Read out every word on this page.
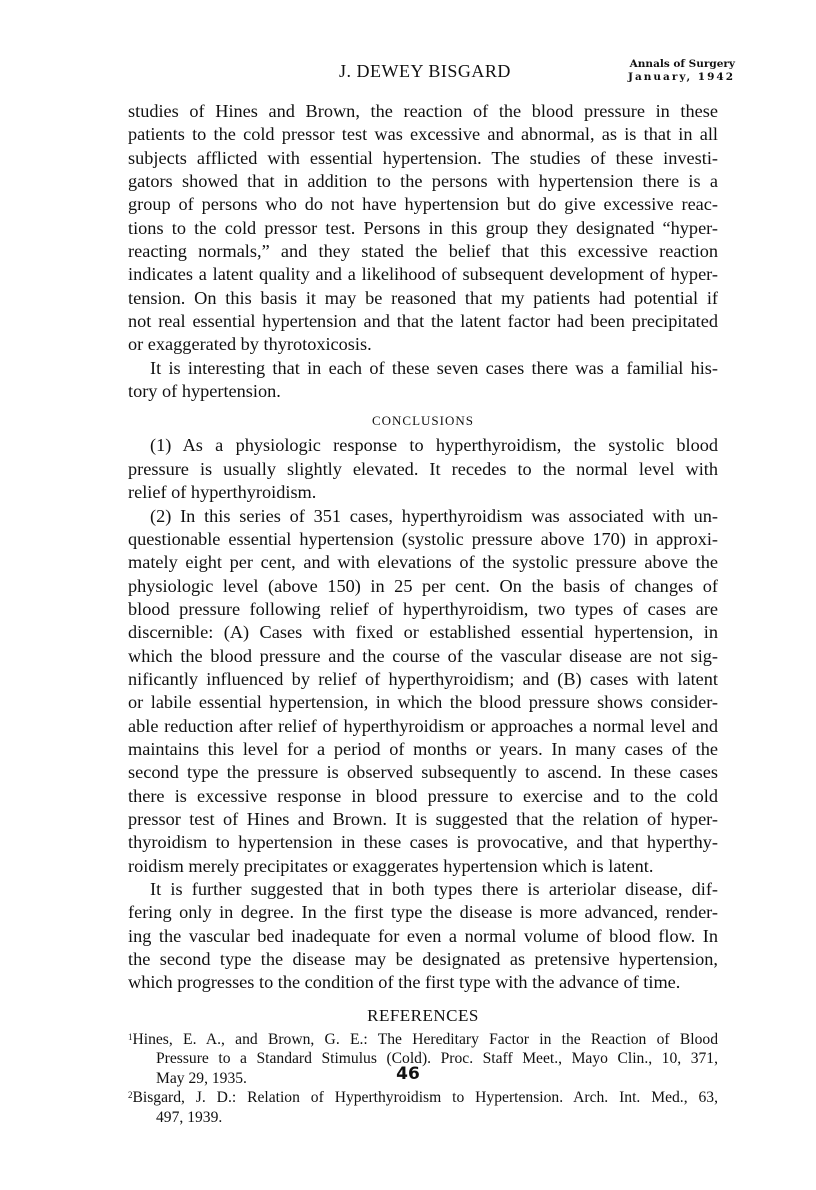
J. DEWEY BISGARD	Annals of Surgery
January, 1942
studies of Hines and Brown, the reaction of the blood pressure in these
patients to the cold pressor test was excessive and abnormal, as is that in all
subjects afflicted with essential hypertension. The studies of these investi-
gators showed that in addition to the persons with hypertension there is a
group of persons who do not have hypertension but do give excessive reac-
tions to the cold pressor test. Persons in this group they designated “hyper-
reacting normals,” and they stated the belief that this excessive reaction
indicates a latent quality and a likelihood of subsequent development of hyper-
tension. On this basis it may be reasoned that my patients had potential if
not real essential hypertension and that the latent factor had been precipitated
or exaggerated by thyrotoxicosis.
It is interesting that in each of these seven cases there was a familial his-
tory of hypertension.
CONCLUSIONS
(1) As a physiologic response to hyperthyroidism, the systolic blood
pressure is usually slightly elevated. It recedes to the normal level with
relief of hyperthyroidism.
(2) In this series of 351 cases, hyperthyroidism was associated with un-
questionable essential hypertension (systolic pressure above 170) in approxi-
mately eight per cent, and with elevations of the systolic pressure above the
physiologic level (above 150) in 25 per cent. On the basis of changes of
blood pressure following relief of hyperthyroidism, two types of cases are
discernible: (A) Cases with fixed or established essential hypertension, in
which the blood pressure and the course of the vascular disease are not sig-
nificantly influenced by relief of hyperthyroidism; and (B) cases with latent
or labile essential hypertension, in which the blood pressure shows consider-
able reduction after relief of hyperthyroidism or approaches a normal level and
maintains this level for a period of months or years. In many cases of the
second type the pressure is observed subsequently to ascend. In these cases
there is excessive response in blood pressure to exercise and to the cold
pressor test of Hines and Brown. It is suggested that the relation of hyper-
thyroidism to hypertension in these cases is provocative, and that hyperthy-
roidism merely precipitates or exaggerates hypertension which is latent.
It is further suggested that in both types there is arteriolar disease, dif-
fering only in degree. In the first type the disease is more advanced, render-
ing the vascular bed inadequate for even a normal volume of blood flow. In
the second type the disease may be designated as pretensive hypertension,
which progresses to the condition of the first type with the advance of time.
REFERENCES
$^1$Hines, E. A., and Brown, G. E.: The Hereditary Factor in the Reaction of Blood
Pressure to a Standard Stimulus (Cold). Proc. Staff Meet., Mayo Clin., 10, 371,
May 29, 1935.
$^2$Bisgard, J. D.: Relation of Hyperthyroidism to Hypertension. Arch. Int. Med., 63,
497, 1939.
46
